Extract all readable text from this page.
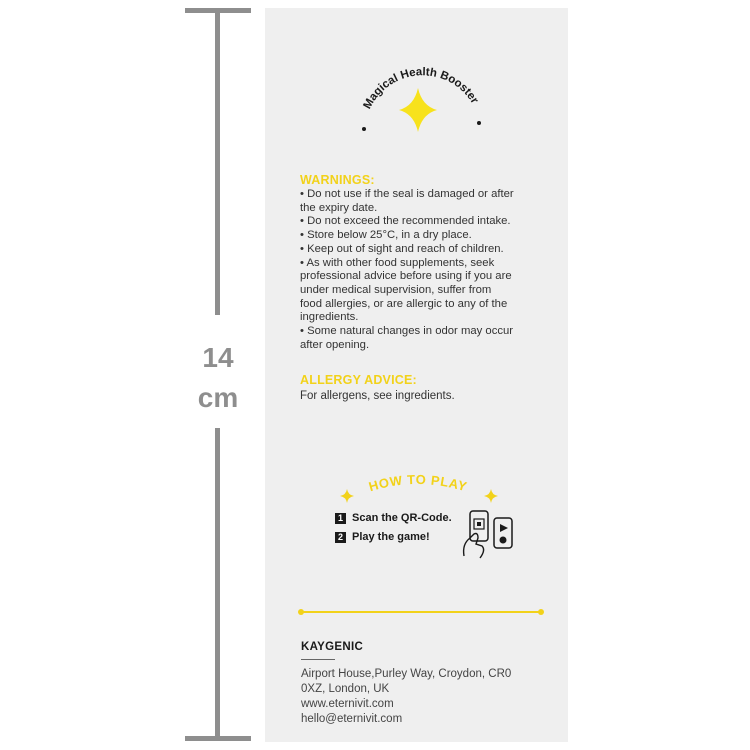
14
cm
Magical Health Booster
WARNINGS:
• Do not use if the seal is damaged or after
the expiry date.
• Do not exceed the recommended intake.
• Store below 25°C, in a dry place.
• Keep out of sight and reach of children.
• As with other food supplements, seek
professional advice before using if you are
under medical supervision, suffer from
food allergies, or are allergic to any of the
ingredients.
• Some natural changes in odor may occur
after opening.
ALLERGY ADVICE:
For allergens, see ingredients.
HOW TO PLAY
1 Scan the QR-Code.
2 Play the game!
KAYGENIC
Airport House,Purley Way, Croydon, CR0
0XZ, London, UK
www.eternivit.com
hello@eternivit.com
